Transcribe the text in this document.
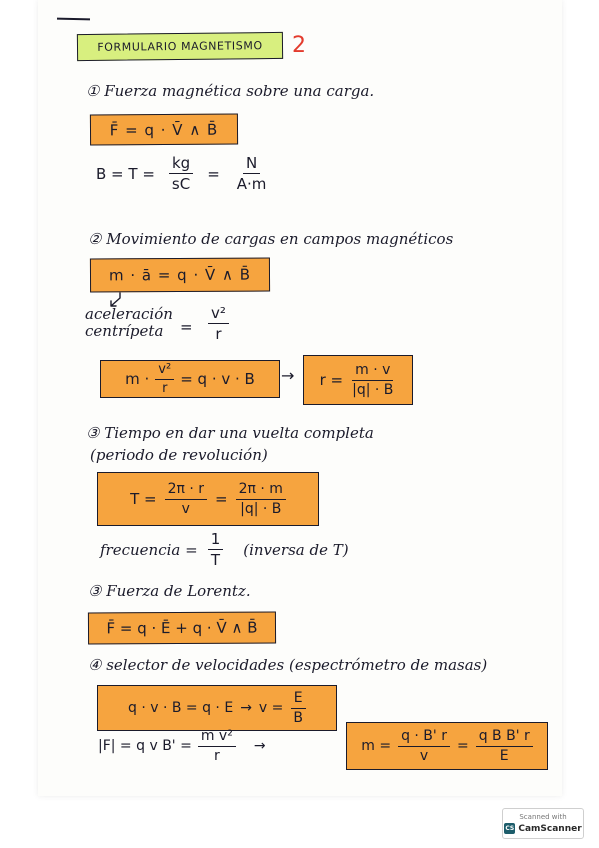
FORMULARIO MAGNETISMO 2
① Fuerza magnética sobre una carga.
F̄ = q · V̄ ∧ B̄
$B = T = \frac{kg}{sC} = \frac{N}{A\cdot m}$
② Movimiento de cargas en campos magnéticos
m · ā = q · V̄ ∧ B̄
aceleración
centrípeta	= $\frac{\text{v²}}{r}$
$m \cdot \frac{\text{v²}}{r} = q \cdot v \cdot B \to r = \frac{m \cdot v}{|q| \cdot B}$
③ Tiempo en dar una vuelta completa
(periodo de revolución)
$T = \frac{2\pi \cdot r}{v} = \frac{2\pi \cdot m}{|q| \cdot B}$
frecuencia = $\frac{1}{T}$ (inversa de T)
③ Fuerza de Lorentz.
F̄ = q · Ē + q · V̄ ∧ B̄
④ selector de velocidades (espectrómetro de masas)
$q \cdot v \cdot B = q \cdot E \to v = \frac{E}{B}$
|F| = q v $B' = \frac{\text{m v²}}{r}$ →	$m = \frac{q \cdot B' r}{v} = \frac{\text{q B B' r}}{E}$
Scanned with
CS CamScanner
